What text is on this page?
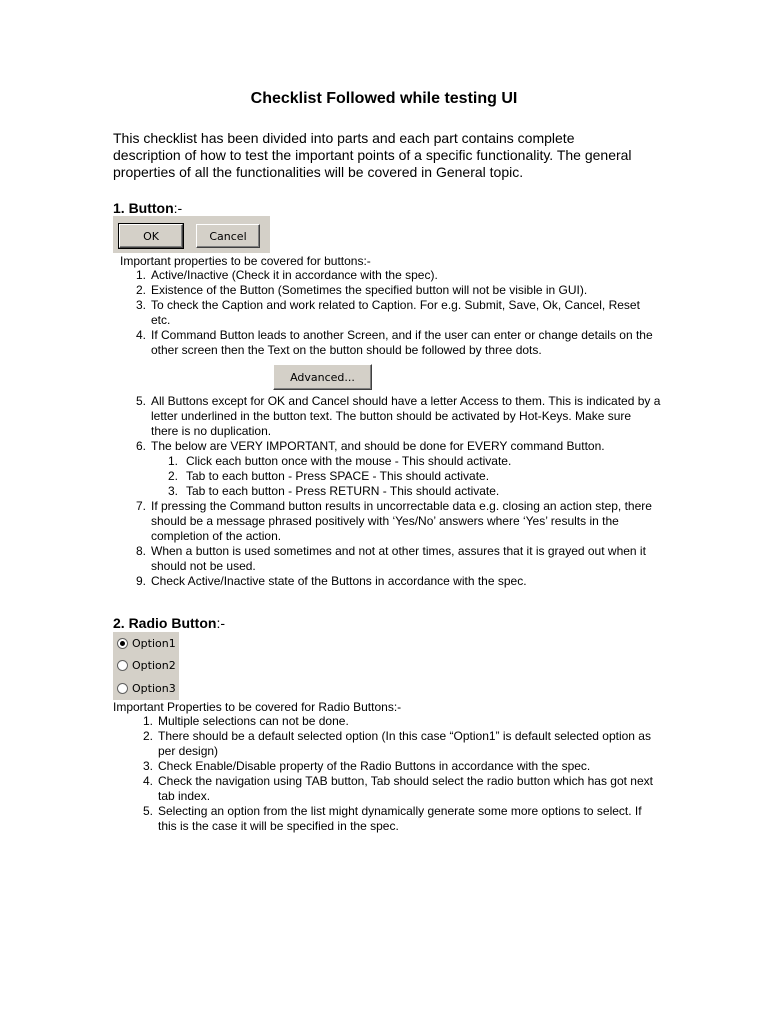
Checklist Followed while testing UI
This checklist has been divided into parts and each part contains complete description of how to test the important points of a specific functionality. The general properties of all the functionalities will be covered in General topic.
1. Button:-
OK	Cancel
Important properties to be covered for buttons:-
1. Active/Inactive (Check it in accordance with the spec).
2. Existence of the Button (Sometimes the specified button will not be visible in GUI).
3. To check the Caption and work related to Caption. For e.g. Submit, Save, Ok, Cancel, Reset etc.
4. If Command Button leads to another Screen, and if the user can enter or change details on the other screen then the Text on the button should be followed by three dots.
Advanced...
5. All Buttons except for OK and Cancel should have a letter Access to them. This is indicated by a letter underlined in the button text. The button should be activated by Hot-Keys. Make sure there is no duplication.
6. The below are VERY IMPORTANT, and should be done for EVERY command Button.
1. Click each button once with the mouse - This should activate.
2. Tab to each button - Press SPACE - This should activate.
3. Tab to each button - Press RETURN - This should activate.
7. If pressing the Command button results in uncorrectable data e.g. closing an action step, there should be a message phrased positively with ‘Yes/No’ answers where ‘Yes’ results in the completion of the action.
8. When a button is used sometimes and not at other times, assures that it is grayed out when it should not be used.
9. Check Active/Inactive state of the Buttons in accordance with the spec.
2. Radio Button:-
Option1
Option2
Option3
Important Properties to be covered for Radio Buttons:-
1. Multiple selections can not be done.
2. There should be a default selected option (In this case “Option1” is default selected option as per design)
3. Check Enable/Disable property of the Radio Buttons in accordance with the spec.
4. Check the navigation using TAB button, Tab should select the radio button which has got next tab index.
5. Selecting an option from the list might dynamically generate some more options to select. If this is the case it will be specified in the spec.
